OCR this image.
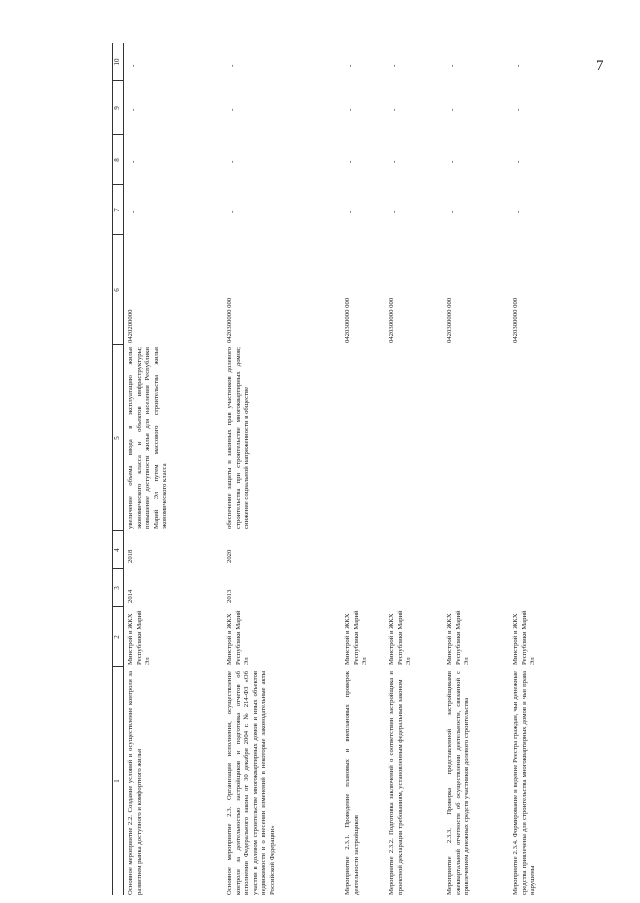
7
1
2
3
4
5
6
7
8
9
10
Основное мероприятие 2.2. Создание условий и осуществление контроля за развитием рынка доступного и комфортного жилья
Минстрой и ЖКХ Республики Марий Эл
2014
2018
увеличение объема ввода в эксплуатацию жилья экономического класса и объектов инфраструктуры; повышение доступности жилья для населения Республики Марий Эл путем массового строительства жилья экономического класса
0420200000
-
-
-
-
Основное мероприятие 2.3. Организация исполнения, осуществление контроля за деятельностью застройщиков и подготовка отчетов об исполнении Федерального закона от 30 декабря 2004 г. № 214-ФЗ «Об участии в долевом строительстве многоквартирных домов и иных объектов недвижимости и о внесении изменений в некоторые законодательные акты Российской Федерации»
Минстрой и ЖКХ Республики Марий Эл
2013
2020
обеспечение защиты и законных прав участников долевого строительства при строительстве многоквартирных домов; снижение социальной напряженности в обществе
0420300000 000
-
-
-
-
Мероприятие 2.3.1. Проведение плановых и внеплановых проверок деятельности застройщиков
Минстрой и ЖКХ Республики Марий Эл
0420300000 000
-
-
-
-
Мероприятие 2.3.2. Подготовка заключений о соответствии застройщика и проектной декларации требованиям, установленным федеральным законом
Минстрой и ЖКХ Республики Марий Эл
0420300000 000
-
-
-
-
Мероприятие 2.3.3. Проверка представленной застройщиками ежеквартальной отчетности об осуществлении деятельности, связанной с привлечением денежных средств участников долевого строительства
Минстрой и ЖКХ Республики Марий Эл
0420300000 000
-
-
-
-
Мероприятие 2.3.4. Формирование и ведение Реестра граждан, чьи денежные средства привлечены для строительства многоквартирных домов и чьи права нарушены
Минстрой и ЖКХ Республики Марий Эл
0420300000 000
-
-
-
-
